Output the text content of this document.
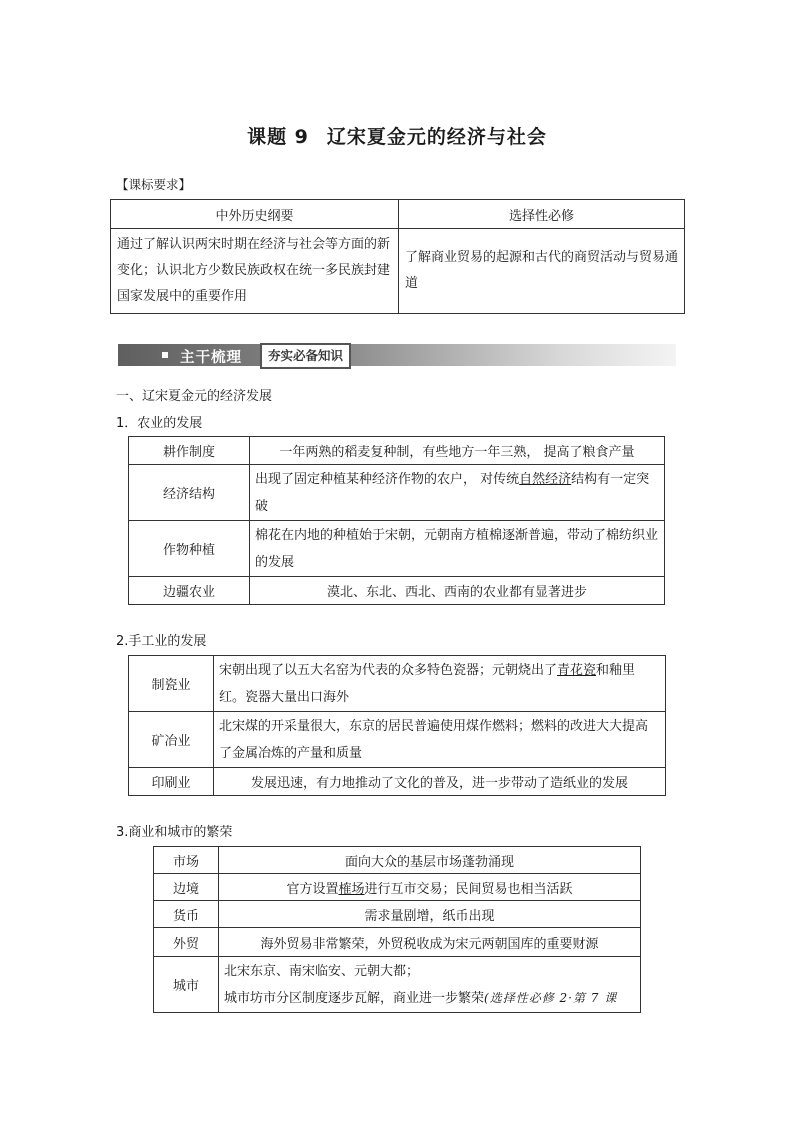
课题 9 辽宋夏金元的经济与社会
【课标要求】
中外历史纲要	选择性必修
通过了解认识两宋时期在经济与社会等方面的新变化；认识北方少数民族政权在统一多民族封建国家发展中的重要作用	了解商业贸易的起源和古代的商贸活动与贸易通道
主干梳理	夯实必备知识
一、辽宋夏金元的经济发展
1．农业的发展
耕作制度	一年两熟的稻麦复种制，有些地方一年三熟， 提高了粮食产量
经济结构	出现了固定种植某种经济作物的农户， 对传统自然经济结构有一定突破
作物种植	棉花在内地的种植始于宋朝，元朝南方植棉逐渐普遍，带动了棉纺织业的发展
边疆农业	漠北、东北、西北、西南的农业都有显著进步
2.手工业的发展
制瓷业	宋朝出现了以五大名窑为代表的众多特色瓷器；元朝烧出了青花瓷和釉里红。瓷器大量出口海外
矿冶业	北宋煤的开采量很大，东京的居民普遍使用煤作燃料；燃料的改进大大提高了金属冶炼的产量和质量
印刷业	发展迅速，有力地推动了文化的普及，进一步带动了造纸业的发展
3.商业和城市的繁荣
市场	面向大众的基层市场蓬勃涌现
边境	官方设置榷场进行互市交易；民间贸易也相当活跃
货币	需求量剧增，纸币出现
外贸	海外贸易非常繁荣，外贸税收成为宋元两朝国库的重要财源
城市	北宋东京、南宋临安、元朝大都；
城市坊市分区制度逐步瓦解，商业进一步繁荣(选择性必修 2·第 7 课
